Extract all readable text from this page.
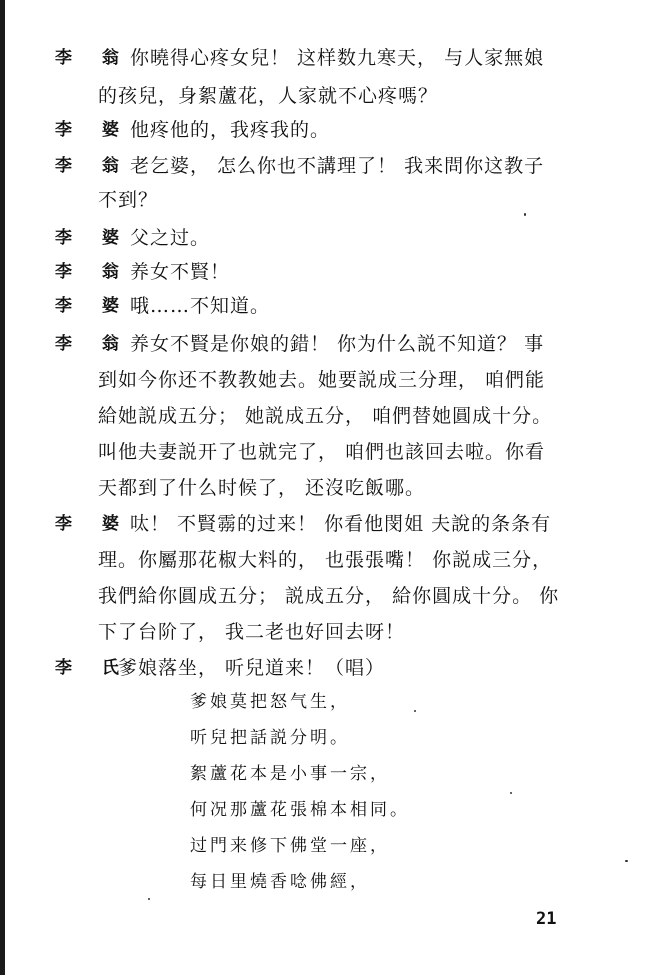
李 翁 你曉得心疼女兒！ 这样数九寒天， 与人家無娘
的孩兒，身絮蘆花，人家就不心疼嗎？
李 婆 他疼他的，我疼我的。
李 翁 老乞婆， 怎么你也不講理了！ 我来問你这教子
不到？
李 婆 父之过。
李 翁 养女不賢！
李 婆 哦……不知道。
李 翁 养女不賢是你娘的錯！ 你为什么説不知道？ 事
到如今你还不教教她去。她要説成三分理， 咱們能
給她説成五分； 她説成五分， 咱們替她圓成十分。
叫他夫妻説开了也就完了， 咱們也該回去啦。你看
天都到了什么时候了， 还沒吃飯哪。
李 婆 呔！ 不賢霛的过来！ 你看他閔姐 夫說的条条有
理。你屬那花椒大料的， 也張張嘴！ 你説成三分，
我們給你圓成五分； 説成五分， 給你圓成十分。 你
下了台阶了， 我二老也好回去呀！
李 氏
爹娘落坐， 听兒道来！（唱）
爹娘莫把怒气生，
听兒把話説分明。
絮蘆花本是小事一宗，
何况那蘆花張棉本相同。
过門来修下佛堂一座，
每日里燒香唸佛經，
21
